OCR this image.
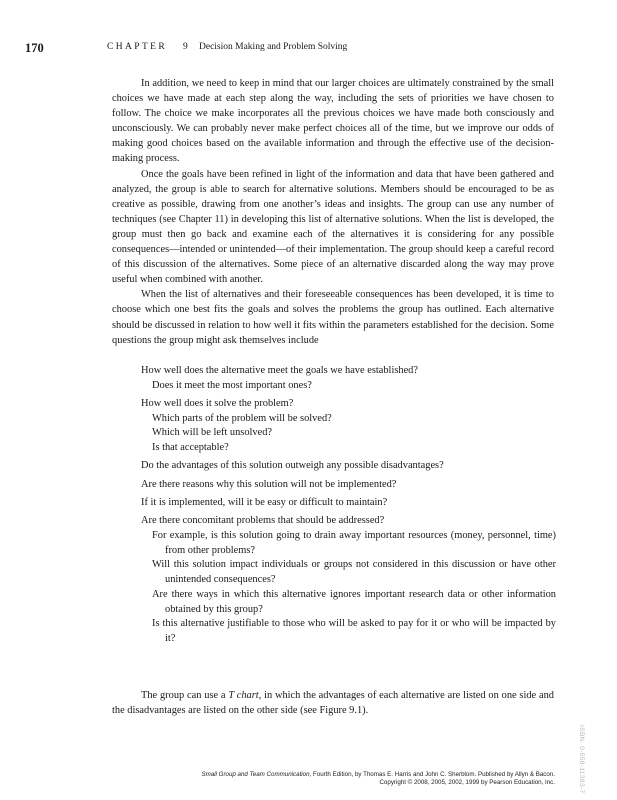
170	CHAPTER 9 Decision Making and Problem Solving

In addition, we need to keep in mind that our larger choices are ultimately constrained by the small choices we have made at each step along the way, including the sets of priorities we have chosen to follow. The choice we make incorporates all the previous choices we have made both consciously and unconsciously. We can probably never make perfect choices all of the time, but we improve our odds of making good choices based on the available information and through the effective use of the decision-making process.

Once the goals have been refined in light of the information and data that have been gathered and analyzed, the group is able to search for alternative solutions. Members should be encouraged to be as creative as possible, drawing from one another’s ideas and insights. The group can use any number of techniques (see Chapter 11) in developing this list of alternative solutions. When the list is developed, the group must then go back and examine each of the alternatives it is considering for any possible consequences—intended or unintended—of their implementation. The group should keep a careful record of this discussion of the alternatives. Some piece of an alternative discarded along the way may prove useful when combined with another.

When the list of alternatives and their foreseeable consequences has been developed, it is time to choose which one best fits the goals and solves the problems the group has outlined. Each alternative should be discussed in relation to how well it fits within the parameters established for the decision. Some questions the group might ask themselves include

How well does the alternative meet the goals we have established?

Does it meet the most important ones?

How well does it solve the problem?

Which parts of the problem will be solved?

Which will be left unsolved?

Is that acceptable?

Do the advantages of this solution outweigh any possible disadvantages?

Are there reasons why this solution will not be implemented?

If it is implemented, will it be easy or difficult to maintain?

Are there concomitant problems that should be addressed?

For example, is this solution going to drain away important resources (money, personnel, time) from other problems?

Will this solution impact individuals or groups not considered in this discussion or have other unintended consequences?

Are there ways in which this alternative ignores important research data or other information obtained by this group?

Is this alternative justifiable to those who will be asked to pay for it or who will be impacted by it?

The group can use a T chart, in which the advantages of each alternative are listed on one side and the disadvantages are listed on the other side (see Figure 9.1).

ISBN: 0-558-11383-7
Small Group and Team Communication, Fourth Edition, by Thomas E. Harris and John C. Sherblom. Published by Allyn & Bacon.
Copyright © 2008, 2005, 2002, 1999 by Pearson Education, Inc.
